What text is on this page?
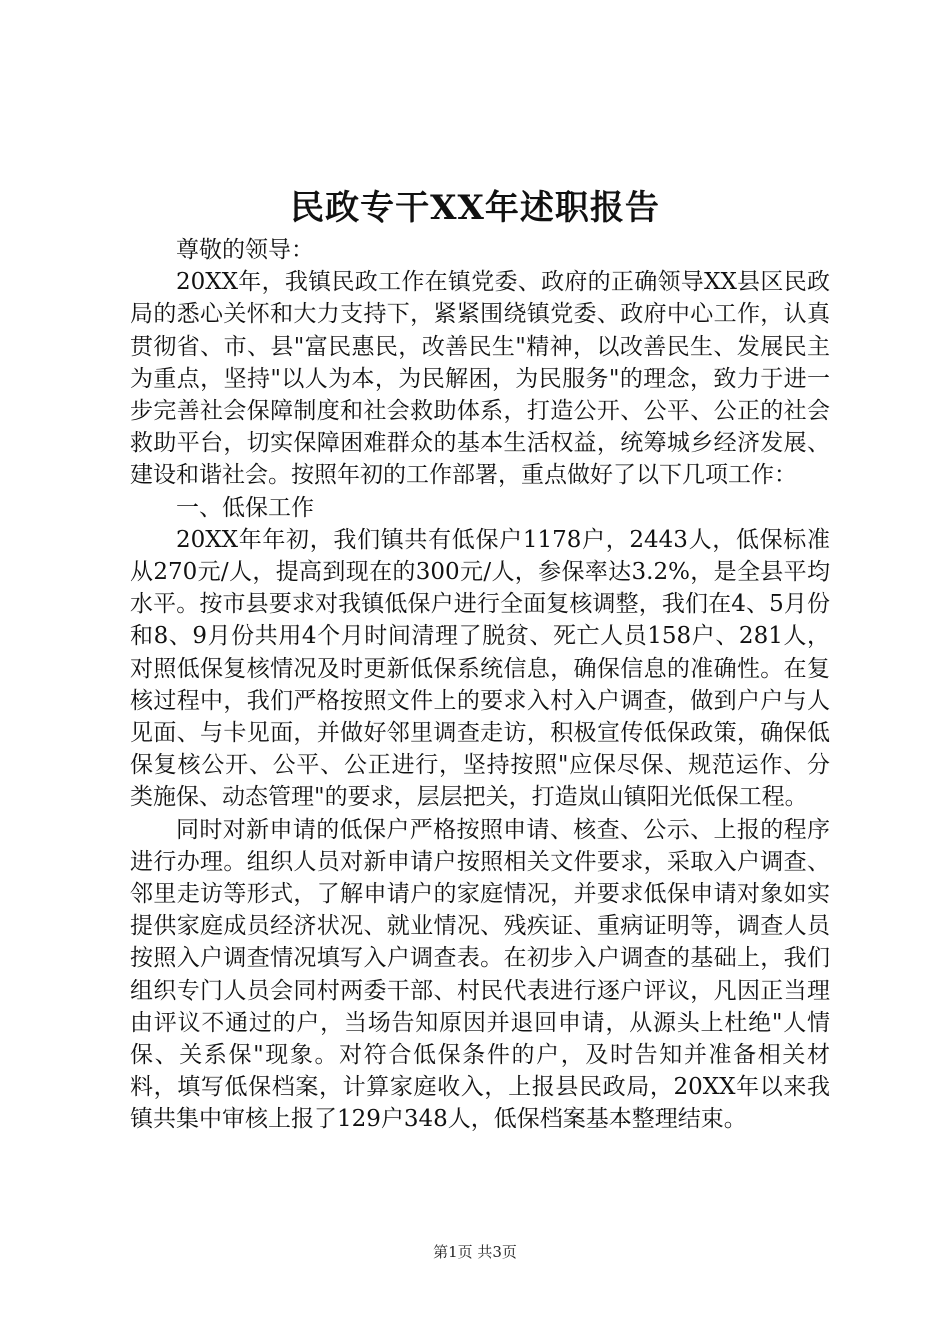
民政专干XX年述职报告

尊敬的领导：

20XX年，我镇民政工作在镇党委、政府的正确领导XX县区民政局的悉心关怀和大力支持下，紧紧围绕镇党委、政府中心工作，认真贯彻省、市、县"富民惠民，改善民生"精神，以改善民生、发展民主为重点，坚持"以人为本，为民解困，为民服务"的理念，致力于进一步完善社会保障制度和社会救助体系，打造公开、公平、公正的社会救助平台，切实保障困难群众的基本生活权益，统筹城乡经济发展、建设和谐社会。按照年初的工作部署，重点做好了以下几项工作：

一、低保工作

20XX年年初，我们镇共有低保户1178户，2443人，低保标准从270元/人，提高到现在的300元/人，参保率达3.2%，是全县平均水平。按市县要求对我镇低保户进行全面复核调整，我们在4、5月份和8、9月份共用4个月时间清理了脱贫、死亡人员158户、281人，对照低保复核情况及时更新低保系统信息，确保信息的准确性。在复核过程中，我们严格按照文件上的要求入村入户调查，做到户户与人见面、与卡见面，并做好邻里调查走访，积极宣传低保政策，确保低保复核公开、公平、公正进行，坚持按照"应保尽保、规范运作、分类施保、动态管理"的要求，层层把关，打造岚山镇阳光低保工程。

同时对新申请的低保户严格按照申请、核查、公示、上报的程序进行办理。组织人员对新申请户按照相关文件要求，采取入户调查、邻里走访等形式，了解申请户的家庭情况，并要求低保申请对象如实提供家庭成员经济状况、就业情况、残疾证、重病证明等，调查人员按照入户调查情况填写入户调查表。在初步入户调查的基础上，我们组织专门人员会同村两委干部、村民代表进行逐户评议，凡因正当理由评议不通过的户，当场告知原因并退回申请，从源头上杜绝"人情保、关系保"现象。对符合低保条件的户，及时告知并准备相关材料，填写低保档案，计算家庭收入，上报县民政局，20XX年以来我镇共集中审核上报了129户348人，低保档案基本整理结束。

第1页 共3页
